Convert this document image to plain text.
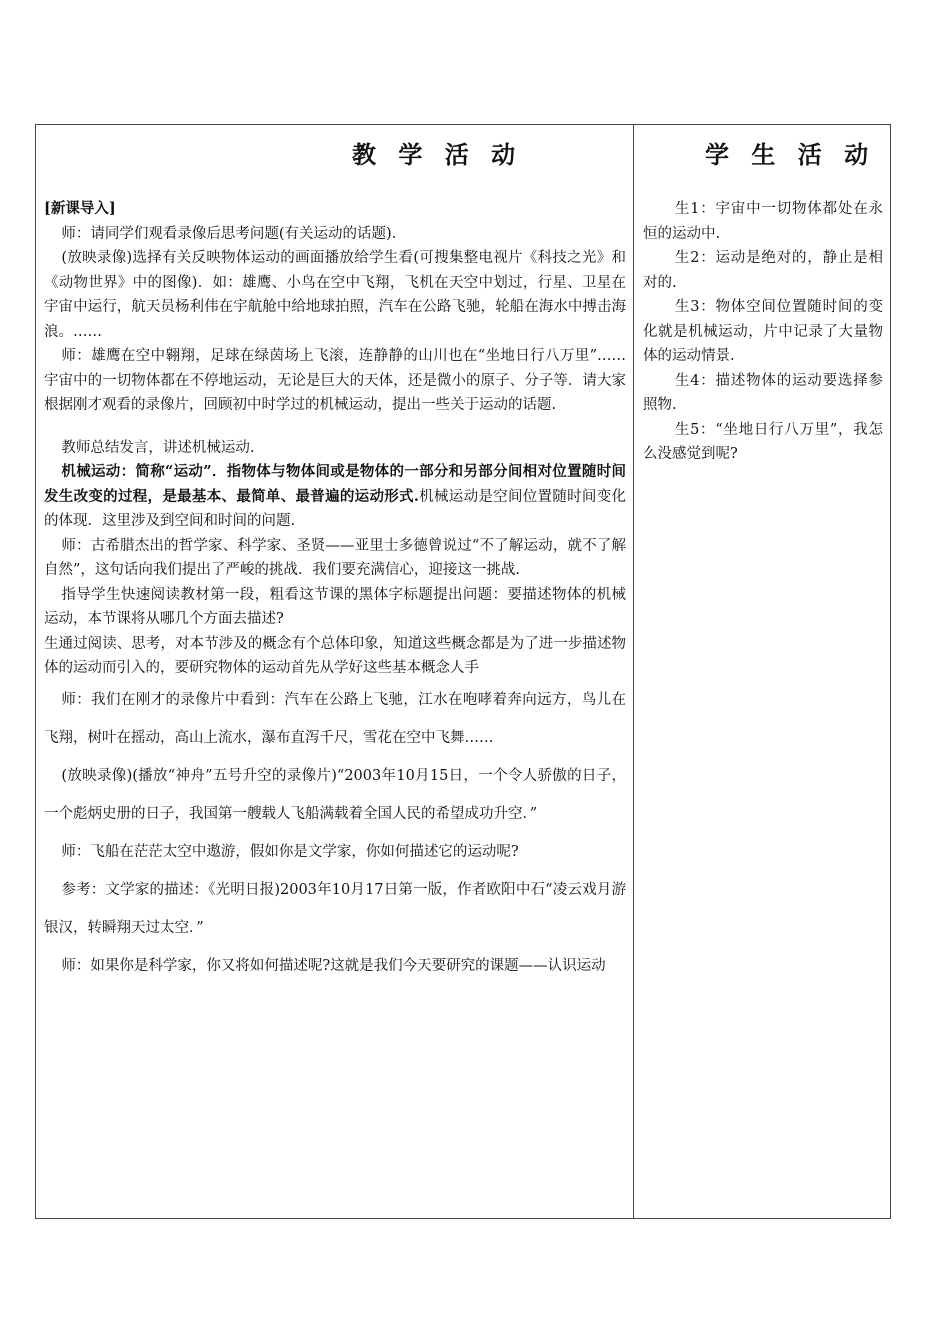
教 学 活 动

[新课导入]

师：请同学们观看录像后思考问题(有关运动的话题).

(放映录像)选择有关反映物体运动的画面播放给学生看(可搜集整电视片《科技之光》和《动物世界》中的图像)．如：雄鹰、小鸟在空中飞翔，飞机在天空中划过，行星、卫星在宇宙中运行，航天员杨利伟在宇航舱中给地球拍照，汽车在公路飞驰，轮船在海水中搏击海浪。……

师：雄鹰在空中翱翔，足球在绿茵场上飞滚，连静静的山川也在“坐地日行八万里”……宇宙中的一切物体都在不停地运动，无论是巨大的天体，还是微小的原子、分子等．请大家根据刚才观看的录像片，回顾初中时学过的机械运动，提出一些关于运动的话题.

教师总结发言，讲述机械运动.

机械运动：简称“运动”．指物体与物体间或是物体的一部分和另部分间相对位置随时间发生改变的过程，是最基本、最简单、最普遍的运动形式.机械运动是空间位置随时间变化的体现．这里涉及到空间和时间的问题.

师：古希腊杰出的哲学家、科学家、圣贤——亚里士多德曾说过“不了解运动，就不了解自然”，这句话向我们提出了严峻的挑战．我们要充满信心，迎接这一挑战.

指导学生快速阅读教材第一段，粗看这节课的黑体字标题提出问题：要描述物体的机械运动，本节课将从哪几个方面去描述?

生通过阅读、思考，对本节涉及的概念有个总体印象，知道这些概念都是为了进一步描述物体的运动而引入的，要研究物体的运动首先从学好这些基本概念人手

师：我们在刚才的录像片中看到：汽车在公路上飞驰，江水在咆哮着奔向远方，鸟儿在飞翔，树叶在摇动，高山上流水，瀑布直泻千尺，雪花在空中飞舞……

(放映录像)(播放“神舟”五号升空的录像片)“2003年10月15日，一个令人骄傲的日子，一个彪炳史册的日子，我国第一艘载人飞船满载着全国人民的希望成功升空．”

师：飞船在茫茫太空中遨游，假如你是文学家，你如何描述它的运动呢?

参考：文学家的描述：《光明日报)2003年10月17日第一版，作者欧阳中石“凌云戏月游银汉，转瞬翔天过太空．”

师：如果你是科学家，你又将如何描述呢?这就是我们今天要研究的课题——认识运动

学 生 活 动

生1：宇宙中一切物体都处在永恒的运动中.

生2：运动是绝对的，静止是相对的.

生3：物体空间位置随时间的变化就是机械运动，片中记录了大量物体的运动情景.

生4：描述物体的运动要选择参照物.

生5：“坐地日行八万里”，我怎么没感觉到呢?
